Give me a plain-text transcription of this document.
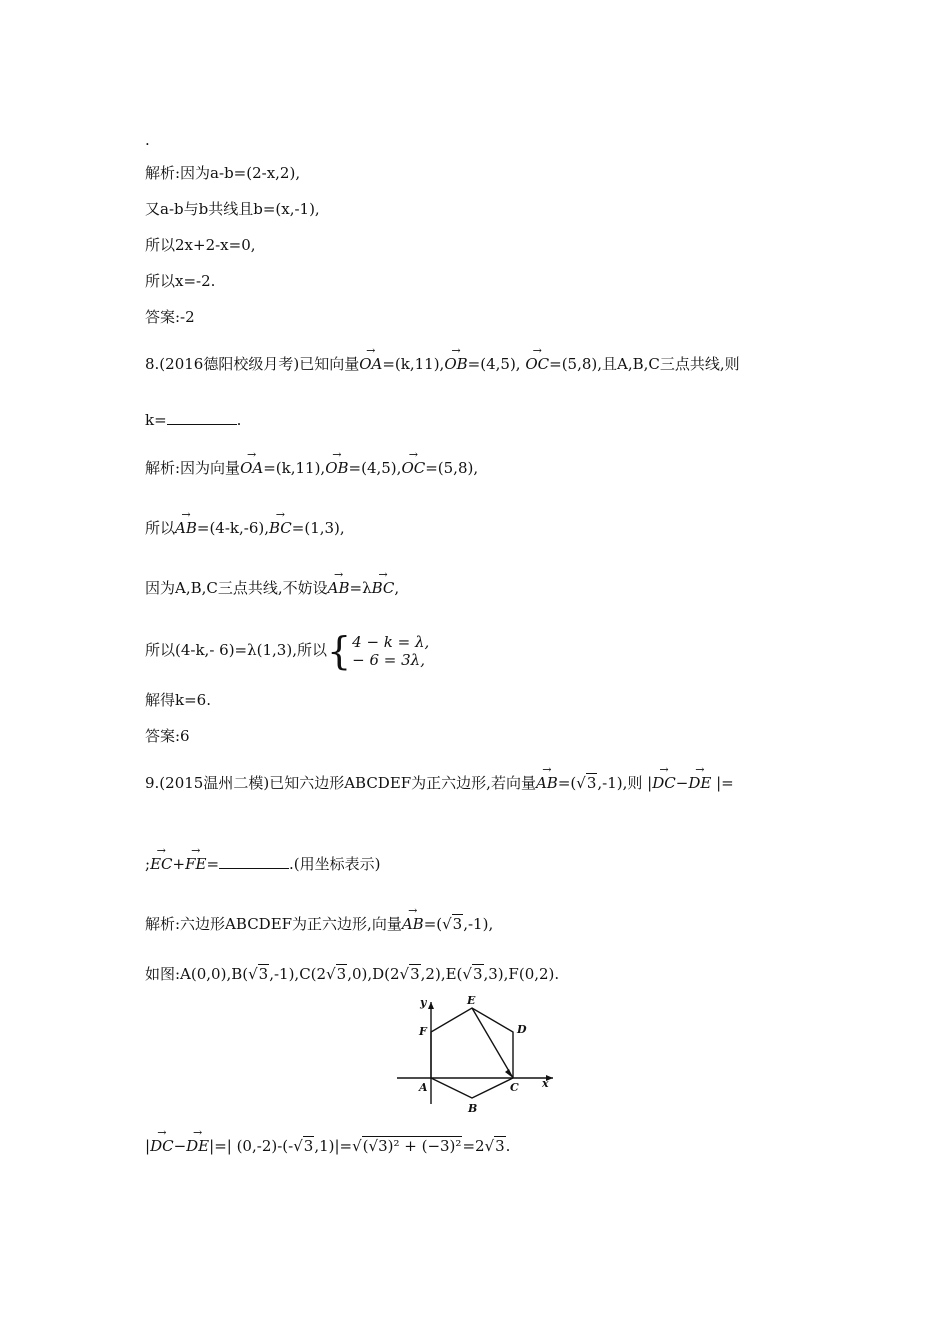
.
解析:因为a-b=(2-x,2),
又a-b与b共线且b=(x,-1),
所以2x+2-x=0,
所以x=-2.
答案:-2
8.(2016德阳校级月考)已知向量→ OA=(k,11),→ OB=(4,5), → OC=(5,8),且A,B,C三点共线,则
k=	.
解析:因为向量→ OA=(k,11),→ OB=(4,5),→ OC=(5,8),
所以→ AB=(4-k,-6),→ BC=(1,3),
因为A,B,C三点共线,不妨设→ AB=λ→ BC,
所以(4-k,- 6)=λ(1,3),所以 { 4 − k = λ,
− 6 = 3λ,
解得k=6.
答案:6
9.(2015温州二模)已知六边形ABCDEF为正六边形,若向量→ AB=(√3,-1),则 |→ DC−→ DE |=
;→ EC+→ FE=	.(用坐标表示)
解析:六边形ABCDEF为正六边形,向量→ AB=(√3,-1),
如图:A(0,0),B(√3,-1),C(2√3,0),D(2√3,2),E(√3,3),F(0,2).
x
y
A
B
C
D
E
F
|→ DC−→ DE|=| (0,-2)-(-√3,1)|=√(√3)² + (−3)²=2√3.
